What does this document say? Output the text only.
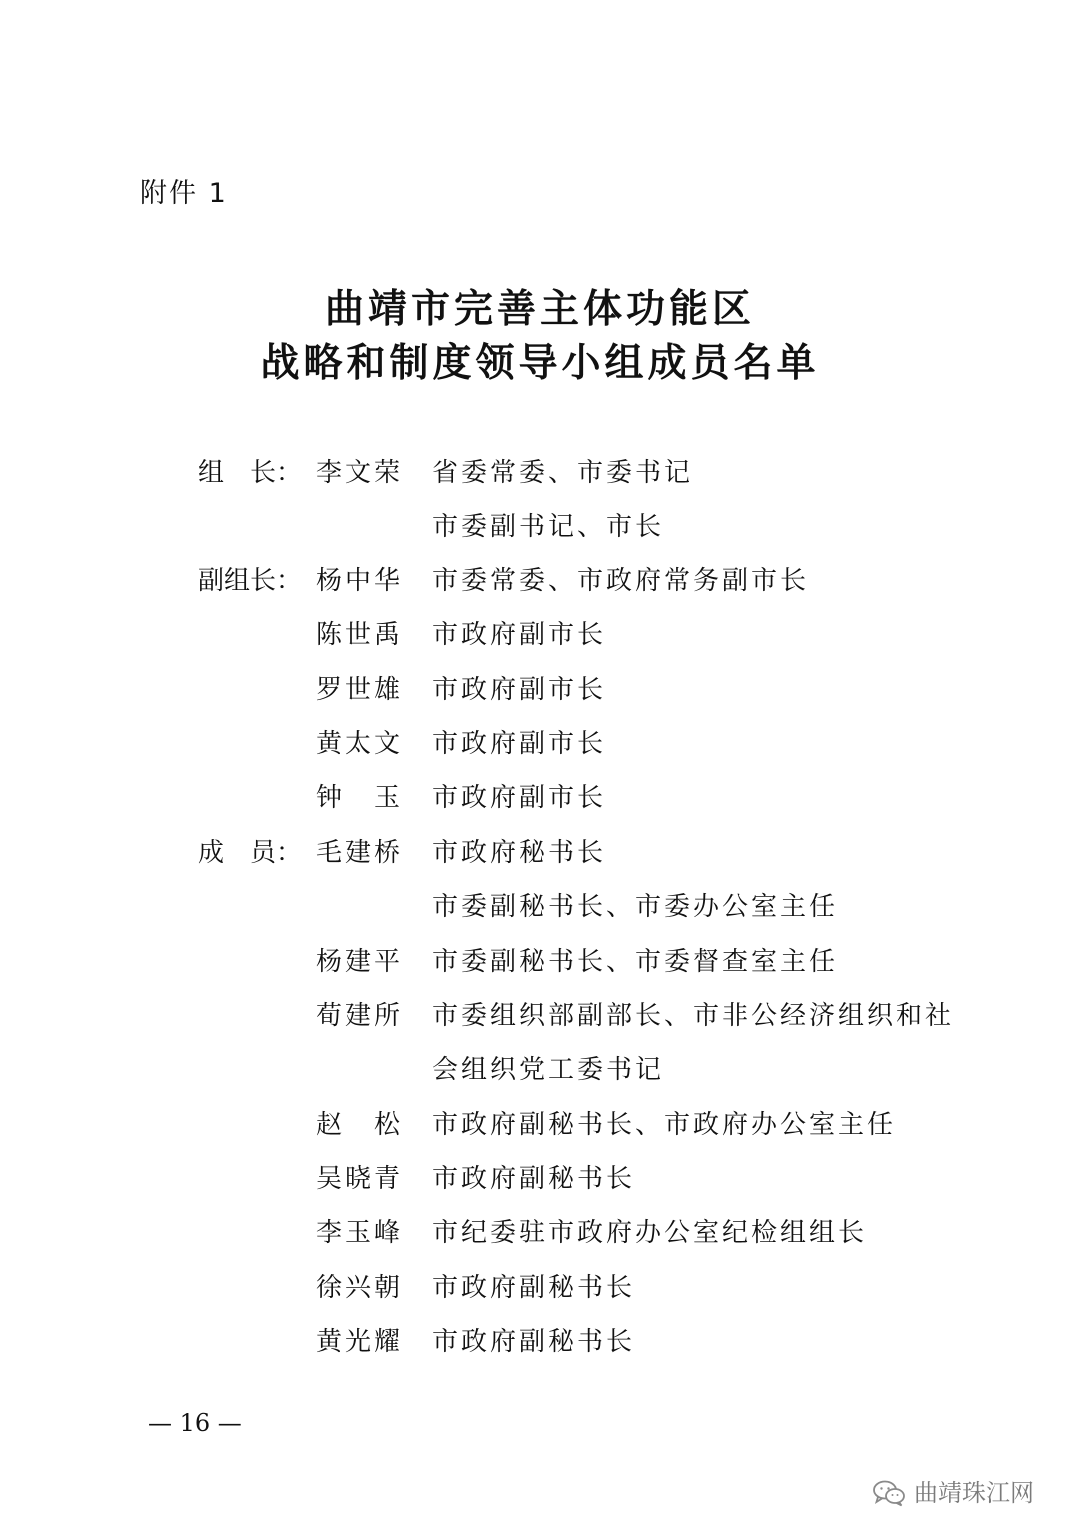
附件 1
曲靖市完善主体功能区
战略和制度领导小组成员名单
组　长： 李文荣	省委常委、市委书记
市委副书记、市长
副组长： 杨中华	市委常委、市政府常务副市长
陈世禹	市政府副市长
罗世雄	市政府副市长
黄太文	市政府副市长
钟　玉	市政府副市长
成　员： 毛建桥	市政府秘书长
市委副秘书长、市委办公室主任
杨建平	市委副秘书长、市委督查室主任
荀建所	市委组织部副部长、市非公经济组织和社
会组织党工委书记
赵　松	市政府副秘书长、市政府办公室主任
吴晓青	市政府副秘书长
李玉峰	市纪委驻市政府办公室纪检组组长
徐兴朝	市政府副秘书长
黄光耀	市政府副秘书长
— 16 —
曲靖珠江网
